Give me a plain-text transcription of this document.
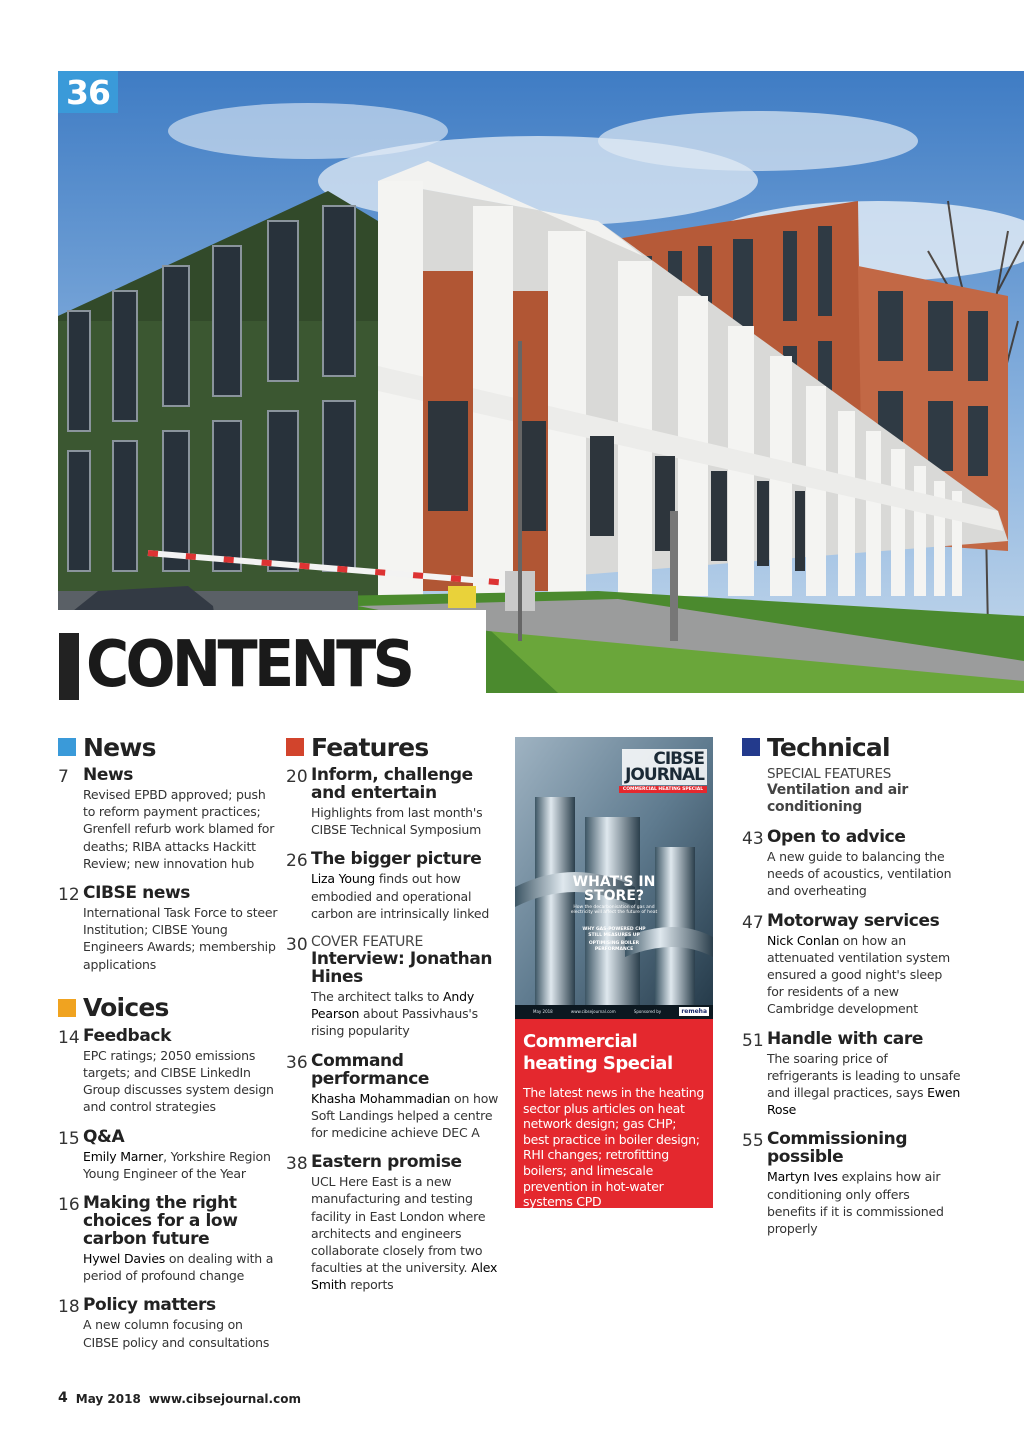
36
CONTENTS
News
7 News
Revised EPBD approved; push to reform payment practices; Grenfell refurb work blamed for deaths; RIBA attacks Hackitt Review; new innovation hub
12 CIBSE news
International Task Force to steer Institution; CIBSE Young Engineers Awards; membership applications
Voices
14 Feedback
EPC ratings; 2050 emissions targets; and CIBSE LinkedIn Group discusses system design and control strategies
15 Q&A
Emily Marner, Yorkshire Region Young Engineer of the Year
16 Making the right choices for a low carbon future
Hywel Davies on dealing with a period of profound change
18 Policy matters
A new column focusing on CIBSE policy and consultations
Features
20 Inform, challenge and entertain
Highlights from last month's CIBSE Technical Symposium
26 The bigger picture
Liza Young finds out how embodied and operational carbon are intrinsically linked
30 COVER FEATURE
Interview: Jonathan Hines
The architect talks to Andy Pearson about Passivhaus's rising popularity
36 Command performance
Khasha Mohammadian on how Soft Landings helped a centre for medicine achieve DEC A
38 Eastern promise
UCL Here East is a new manufacturing and testing facility in East London where architects and engineers collaborate closely from two faculties at the university. Alex Smith reports
CIBSE
JOURNAL
COMMERCIAL HEATING SPECIAL
WHAT'S IN
STORE?
How the decarbonisation of gas and
electricity will affect the future of heat
WHY GAS-POWERED CHP
STILL MEASURES UP
OPTIMISING BOILER
PERFORMANCE
May 2018	www.cibsejournal.com	Sponsored by	remeha
Commercial heating Special
The latest news in the heating sector plus articles on heat network design; gas CHP; best practice in boiler design; RHI changes; retrofitting boilers; and limescale prevention in hot-water systems CPD
Technical
SPECIAL FEATURES
Ventilation and air conditioning
43 Open to advice
A new guide to balancing the needs of acoustics, ventilation and overheating
47 Motorway services
Nick Conlan on how an attenuated ventilation system ensured a good night's sleep for residents of a new Cambridge development
51 Handle with care
The soaring price of refrigerants is leading to unsafe and illegal practices, says Ewen Rose
55 Commissioning possible
Martyn Ives explains how air conditioning only offers benefits if it is commissioned properly
4 May 2018 www.cibsejournal.com
